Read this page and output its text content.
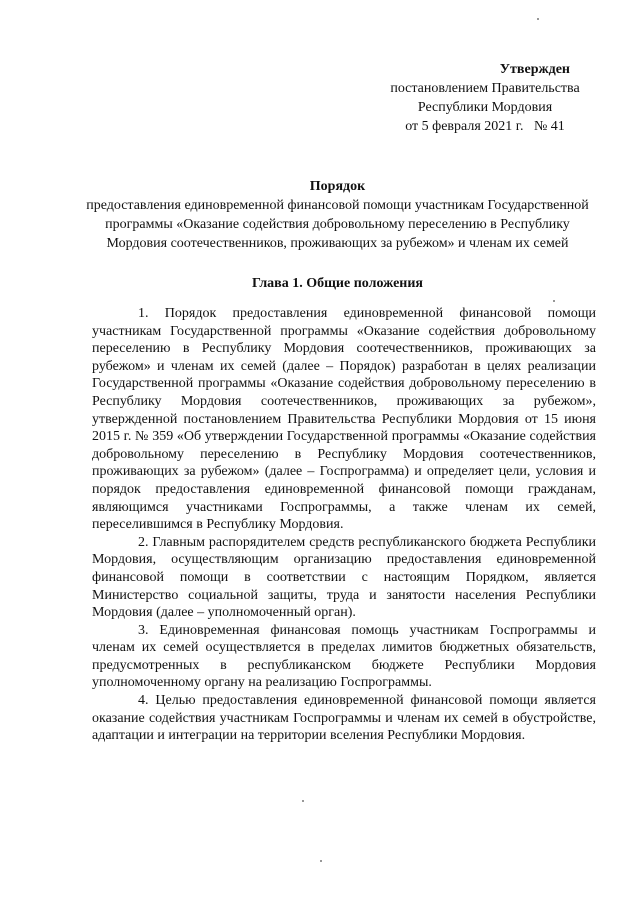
Утвержден
постановлением Правительства
Республики Мордовия
от 5 февраля 2021 г.   № 41
Порядок
предоставления единовременной финансовой помощи участникам Государственной программы «Оказание содействия добровольному переселению в Республику Мордовия соотечественников, проживающих за рубежом» и членам их семей
Глава 1. Общие положения

1. Порядок предоставления единовременной финансовой помощи участникам Государственной программы «Оказание содействия добровольному переселению в Республику Мордовия соотечественников, проживающих за рубежом» и членам их семей (далее – Порядок) разработан в целях реализации Государственной программы «Оказание содействия добровольному переселению в Республику Мордовия соотечественников, проживающих за рубежом», утвержденной постановлением Правительства Республики Мордовия от 15 июня 2015 г. № 359 «Об утверждении Государственной программы «Оказание содействия добровольному переселению в Республику Мордовия соотечественников, проживающих за рубежом» (далее – Госпрограмма) и определяет цели, условия и порядок предоставления единовременной финансовой помощи гражданам, являющимся участниками Госпрограммы, а также членам их семей, переселившимся в Республику Мордовия.

2. Главным распорядителем средств республиканского бюджета Республики Мордовия, осуществляющим организацию предоставления единовременной финансовой помощи в соответствии с настоящим Порядком, является Министерство социальной защиты, труда и занятости населения Республики Мордовия (далее – уполномоченный орган).

3. Единовременная финансовая помощь участникам Госпрограммы и членам их семей осуществляется в пределах лимитов бюджетных обязательств, предусмотренных в республиканском бюджете Республики Мордовия уполномоченному органу на реализацию Госпрограммы.

4. Целью предоставления единовременной финансовой помощи является оказание содействия участникам Госпрограммы и членам их семей в обустройстве, адаптации и интеграции на территории вселения Республики Мордовия.
